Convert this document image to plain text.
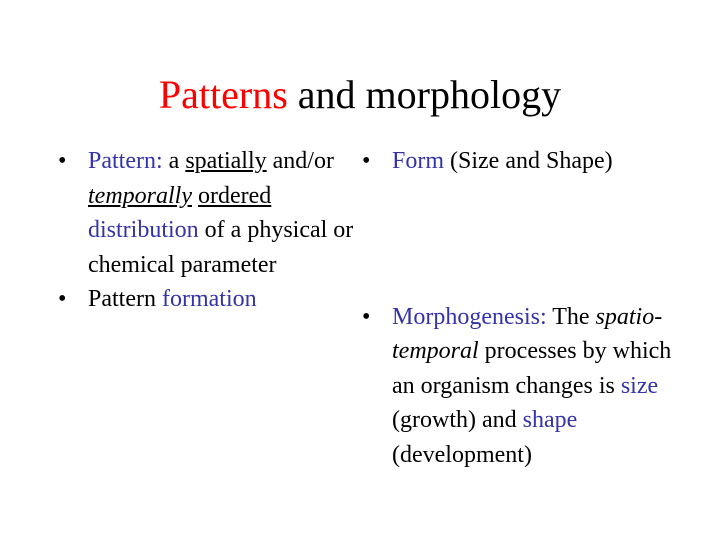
Patterns and morphology
• Pattern: a spatially and/or temporally ordered distribution of a physical or chemical parameter
• Pattern formation
• Form (Size and Shape)
• Morphogenesis: The spatio-temporal processes by which an organism changes is size (growth) and shape (development)
